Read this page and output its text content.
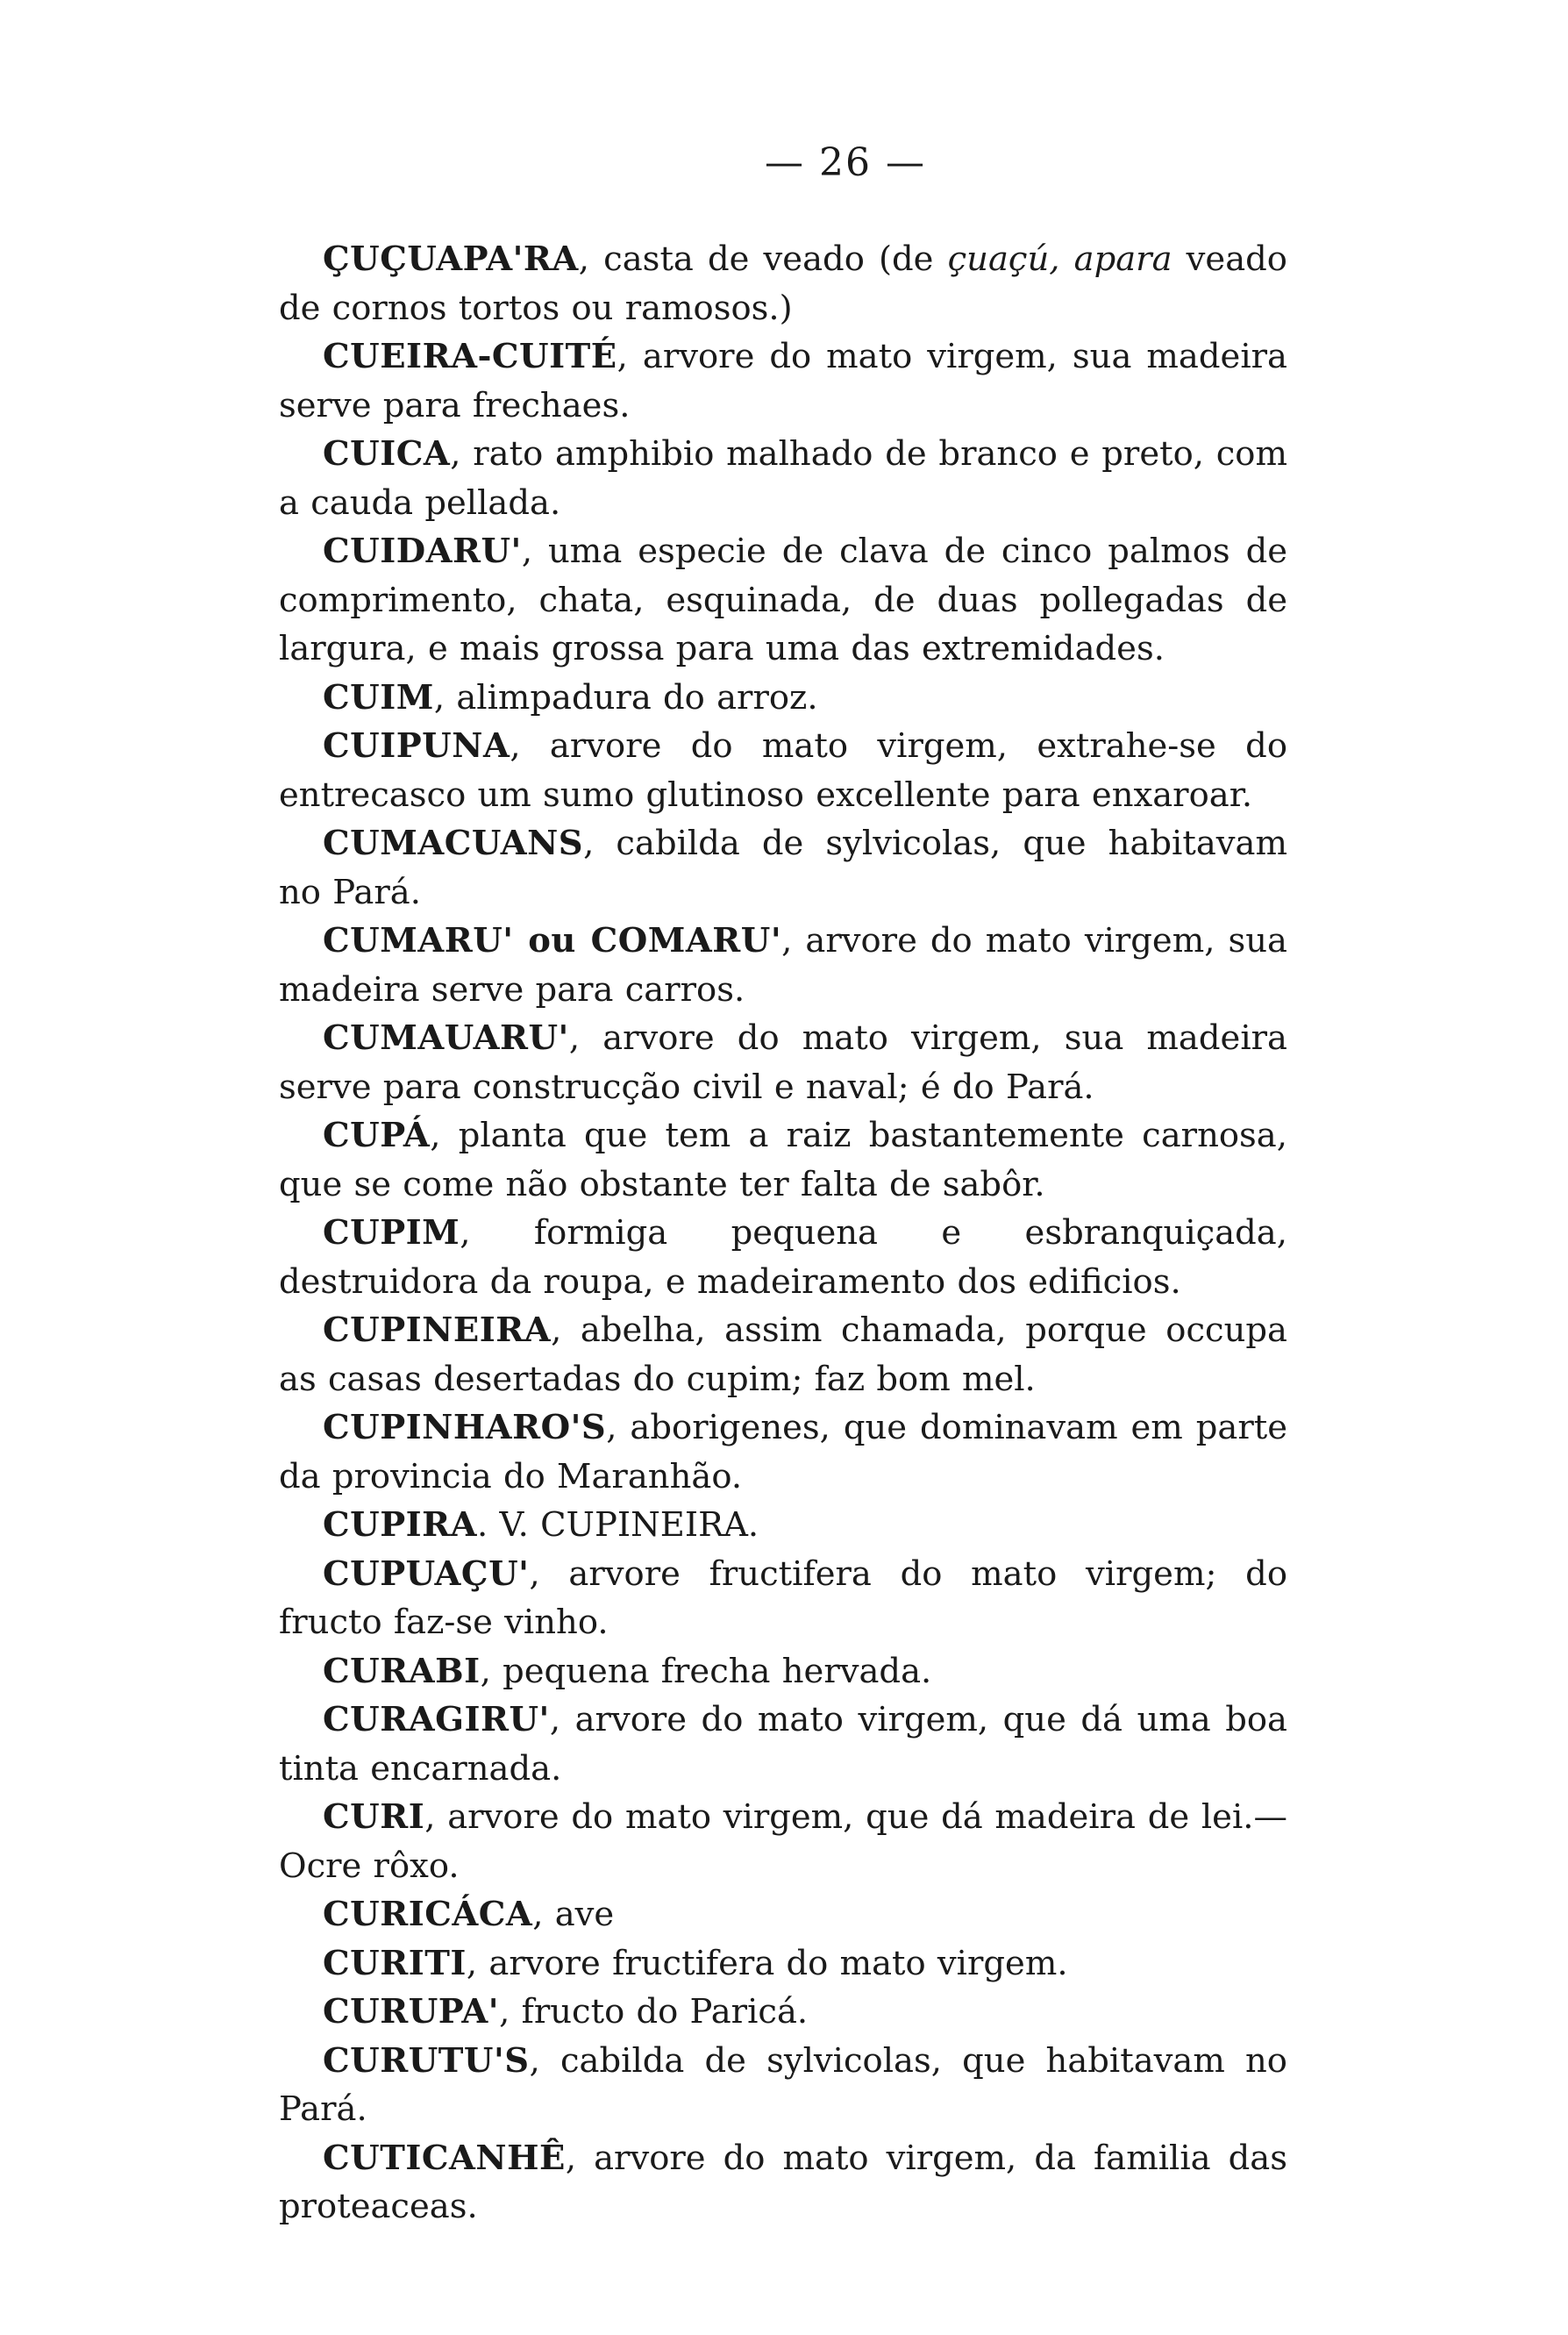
— 26 —

ÇUÇUAPA'RA, casta de veado (de çuaçú, apara veado de cornos tortos ou ramosos.)

CUEIRA-CUITÉ, arvore do mato virgem, sua madeira serve para frechaes.

CUICA, rato amphibio malhado de branco e preto, com a cauda pellada.

CUIDARU', uma especie de clava de cinco palmos de comprimento, chata, esquinada, de duas pollegadas de largura, e mais grossa para uma das extremidades.

CUIM, alimpadura do arroz.

CUIPUNA, arvore do mato virgem, extrahe-se do entrecasco um sumo glutinoso excellente para enxaroar.

CUMACUANS, cabilda de sylvicolas, que habitavam no Pará.

CUMARU' ou COMARU', arvore do mato virgem, sua madeira serve para carros.

CUMAUARU', arvore do mato virgem, sua madeira serve para construcção civil e naval; é do Pará.

CUPÁ, planta que tem a raiz bastantemente carnosa, que se come não obstante ter falta de sabôr.

CUPIM, formiga pequena e esbranquiçada, destruidora da roupa, e madeiramento dos edificios.

CUPINEIRA, abelha, assim chamada, porque occupa as casas desertadas do cupim; faz bom mel.

CUPINHARO'S, aborigenes, que dominavam em parte da provincia do Maranhão.

CUPIRA. V. CUPINEIRA.

CUPUAÇU', arvore fructifera do mato virgem; do fructo faz-se vinho.

CURABI, pequena frecha hervada.

CURAGIRU', arvore do mato virgem, que dá uma boa tinta encarnada.

CURI, arvore do mato virgem, que dá madeira de lei.— Ocre rôxo.

CURICÁCA, ave

CURITI, arvore fructifera do mato virgem.

CURUPA', fructo do Paricá.

CURUTU'S, cabilda de sylvicolas, que habitavam no Pará.

CUTICANHÊ, arvore do mato virgem, da familia das proteaceas.
